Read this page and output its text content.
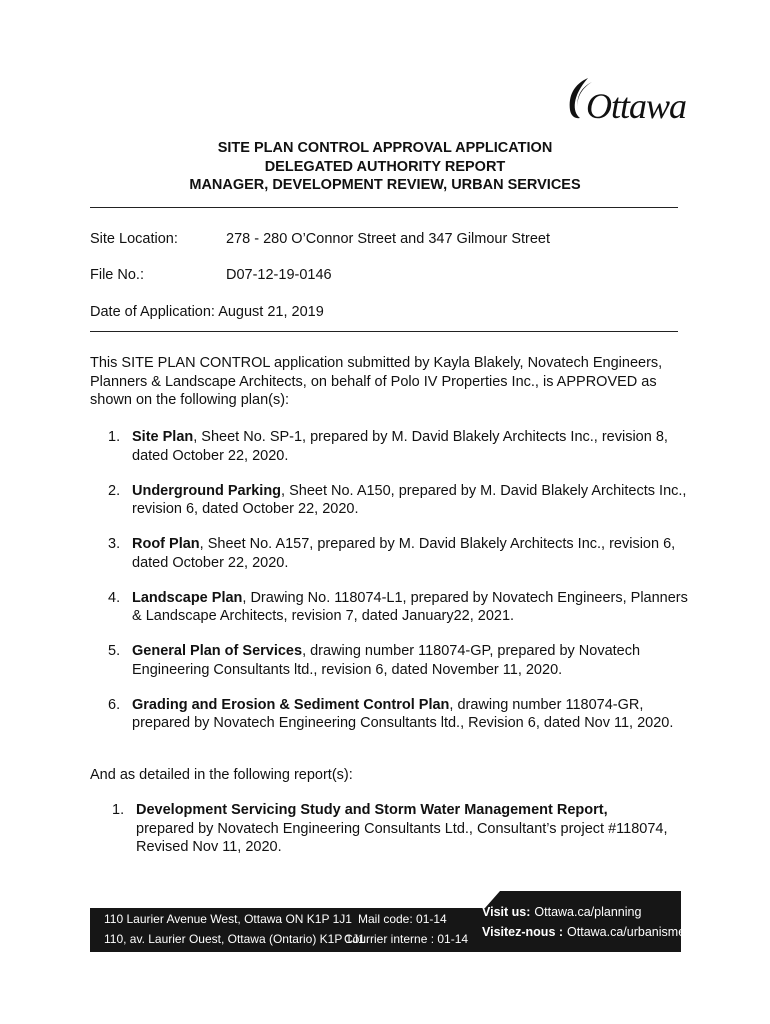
Ottawa
SITE PLAN CONTROL APPROVAL APPLICATION
DELEGATED AUTHORITY REPORT
MANAGER, DEVELOPMENT REVIEW, URBAN SERVICES
Site Location:	278 - 280 O’Connor Street and 347 Gilmour Street
File No.:	D07-12-19-0146
Date of Application: August 21, 2019
This SITE PLAN CONTROL application submitted by Kayla Blakely, Novatech Engineers, Planners & Landscape Architects, on behalf of Polo IV Properties Inc., is APPROVED as shown on the following plan(s):
1. Site Plan, Sheet No. SP-1, prepared by M. David Blakely Architects Inc., revision 8, dated October 22, 2020.
2. Underground Parking, Sheet No. A150, prepared by M. David Blakely Architects Inc., revision 6, dated October 22, 2020.
3. Roof Plan, Sheet No. A157, prepared by M. David Blakely Architects Inc., revision 6, dated October 22, 2020.
4. Landscape Plan, Drawing No. 118074-L1, prepared by Novatech Engineers, Planners & Landscape Architects, revision 7, dated January22, 2021.
5. General Plan of Services, drawing number 118074-GP, prepared by Novatech Engineering Consultants ltd., revision 6, dated November 11, 2020.
6. Grading and Erosion & Sediment Control Plan, drawing number 118074-GR, prepared by Novatech Engineering Consultants ltd., Revision 6, dated Nov 11, 2020.
And as detailed in the following report(s):
1. Development Servicing Study and Storm Water Management Report,
prepared by Novatech Engineering Consultants Ltd., Consultant’s project #118074, Revised Nov 11, 2020.
110 Laurier Avenue West, Ottawa ON K1P 1J1 Mail code: 01-14
110, av. Laurier Ouest, Ottawa (Ontario) K1P 1J1
Courrier interne : 01-14
Visit us: Ottawa.ca/planning
Visitez-nous : Ottawa.ca/urbanisme
